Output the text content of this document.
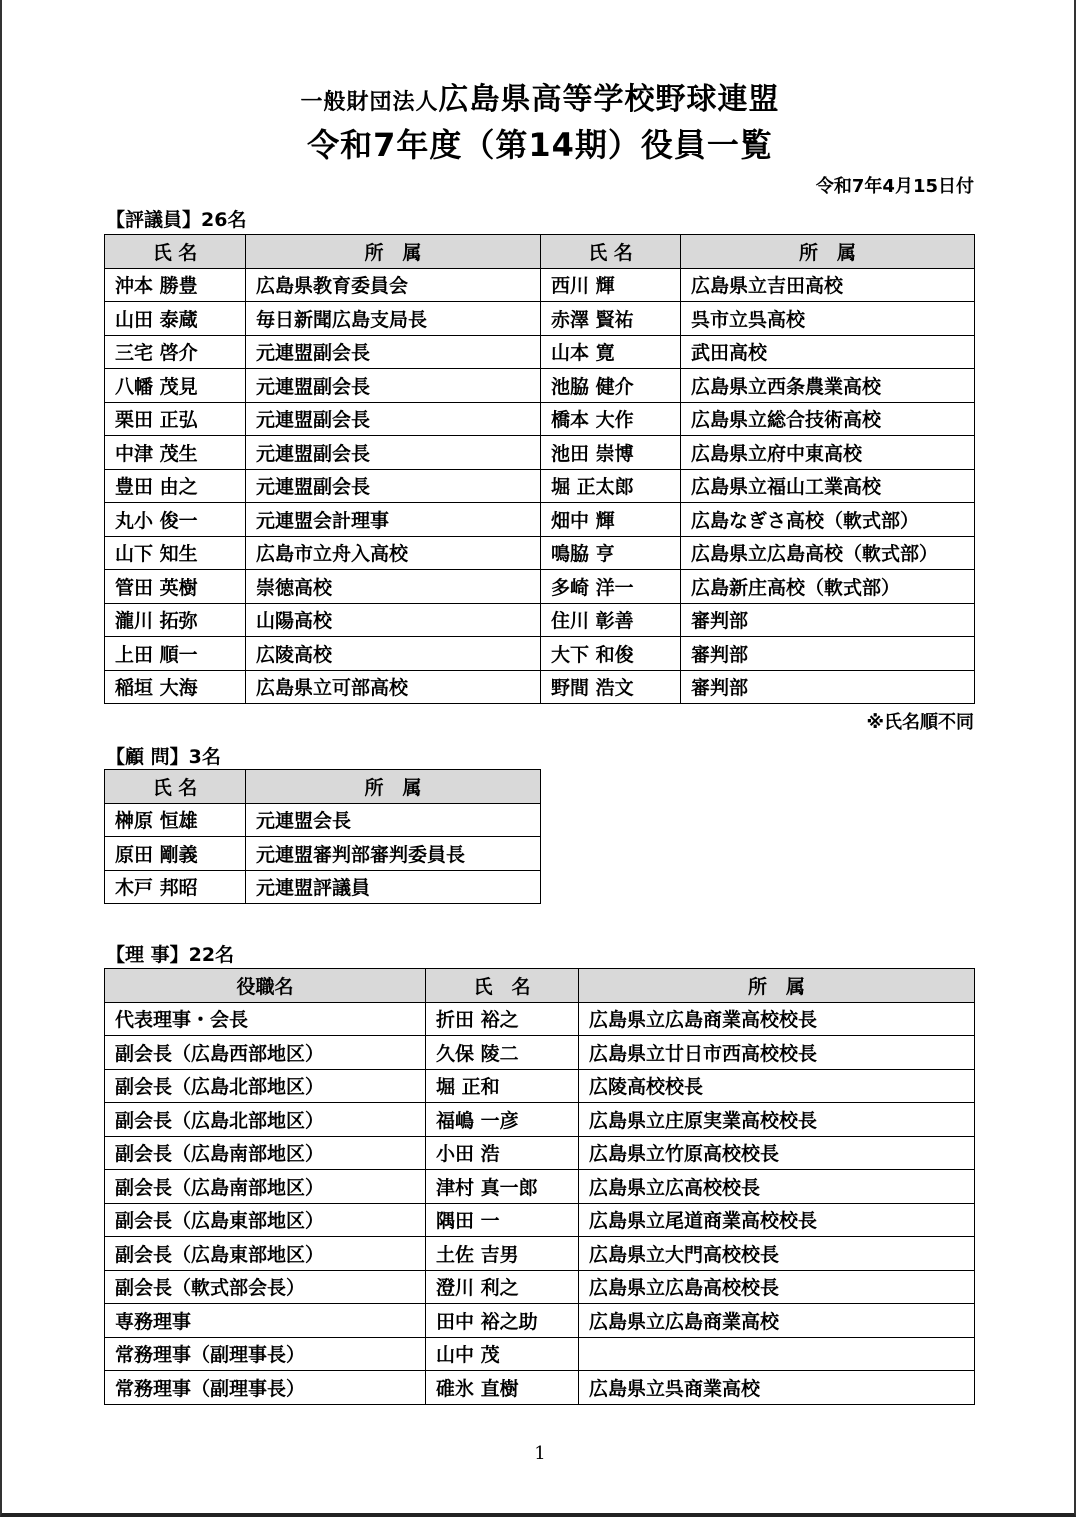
一般財団法人広島県高等学校野球連盟
令和7年度（第14期）役員一覧
令和7年4月15日付
【評議員】26名
氏 名	所　属	氏 名	所　属
沖本 勝豊	広島県教育委員会	西川 輝	広島県立吉田高校
山田 泰蔵	毎日新聞広島支局長	赤澤 賢祐	呉市立呉高校
三宅 啓介	元連盟副会長	山本 寛	武田高校
八幡 茂見	元連盟副会長	池脇 健介	広島県立西条農業高校
栗田 正弘	元連盟副会長	橋本 大作	広島県立総合技術高校
中津 茂生	元連盟副会長	池田 崇博	広島県立府中東高校
豊田 由之	元連盟副会長	堀 正太郎	広島県立福山工業高校
丸小 俊一	元連盟会計理事	畑中 輝	広島なぎさ高校（軟式部）
山下 知生	広島市立舟入高校	鳴脇 亨	広島県立広島高校（軟式部）
管田 英樹	崇徳高校	多崎 洋一	広島新庄高校（軟式部）
瀧川 拓弥	山陽高校	住川 彰善	審判部
上田 順一	広陵高校	大下 和俊	審判部
稲垣 大海	広島県立可部高校	野間 浩文	審判部
※氏名順不同
【顧 問】3名
氏 名	所　属
榊原 恒雄	元連盟会長
原田 剛義	元連盟審判部審判委員長
木戸 邦昭	元連盟評議員
【理 事】22名
役職名	氏　名	所　属
代表理事・会長	折田 裕之	広島県立広島商業高校校長
副会長（広島西部地区）	久保 陵二	広島県立廿日市西高校校長
副会長（広島北部地区）	堀 正和	広陵高校校長
副会長（広島北部地区）	福嶋 一彦	広島県立庄原実業高校校長
副会長（広島南部地区）	小田 浩	広島県立竹原高校校長
副会長（広島南部地区）	津村 真一郎	広島県立広高校校長
副会長（広島東部地区）	隅田 一	広島県立尾道商業高校校長
副会長（広島東部地区）	土佐 吉男	広島県立大門高校校長
副会長（軟式部会長）	澄川 利之	広島県立広島高校校長
専務理事	田中 裕之助	広島県立広島商業高校
常務理事（副理事長）	山中 茂	
常務理事（副理事長）	碓氷 直樹	広島県立呉商業高校
1
